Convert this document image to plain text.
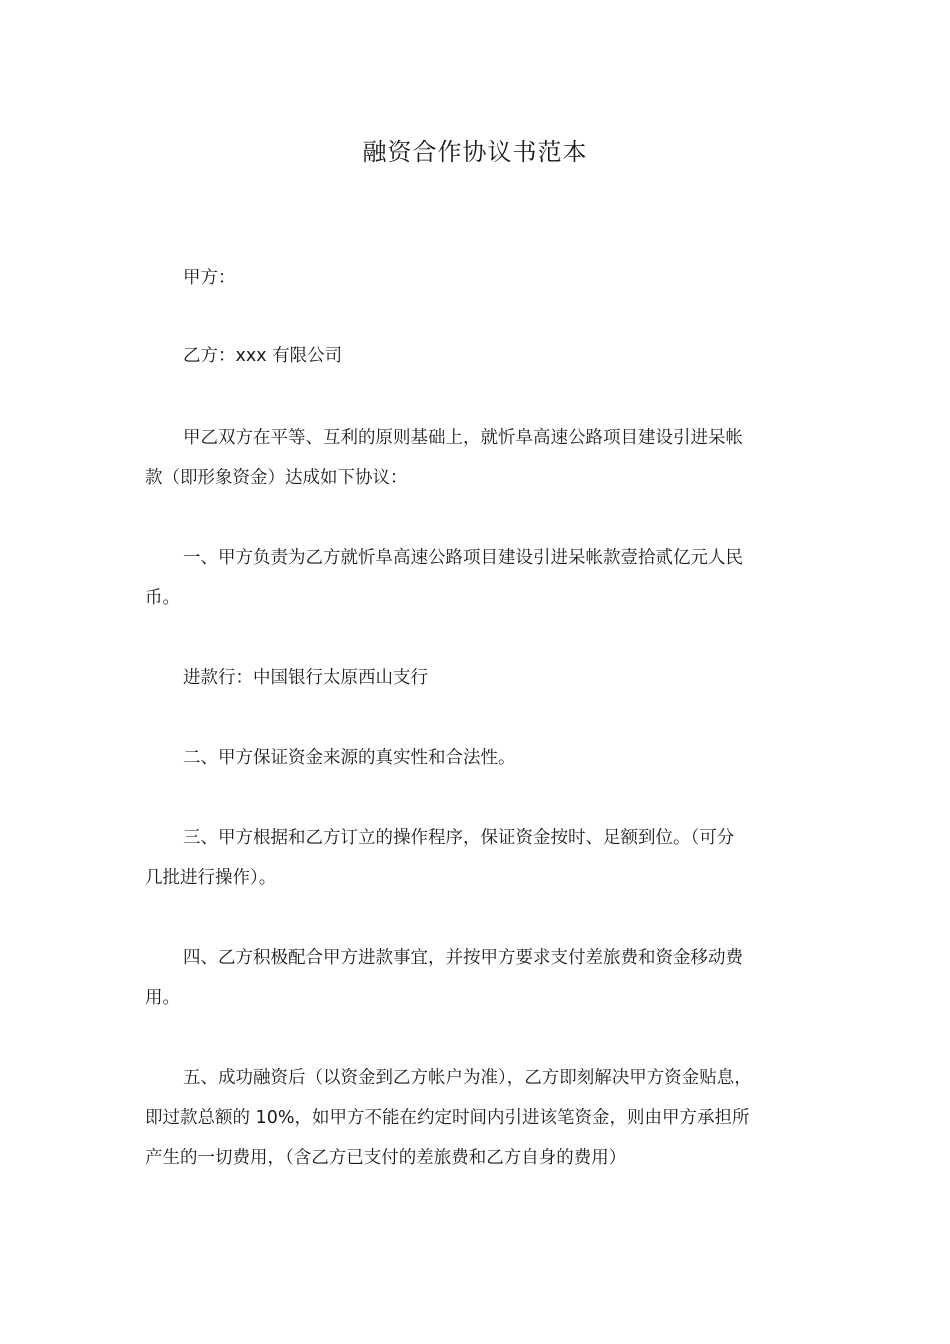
融资合作协议书范本
甲方：
乙方：xxx 有限公司
甲乙双方在平等、互利的原则基础上，就忻阜高速公路项目建设引进呆帐
款（即形象资金）达成如下协议：
一、甲方负责为乙方就忻阜高速公路项目建设引进呆帐款壹拾贰亿元人民
币。
进款行：中国银行太原西山支行
二、甲方保证资金来源的真实性和合法性。
三、甲方根据和乙方订立的操作程序，保证资金按时、足额到位。（可分
几批进行操作）。
四、乙方积极配合甲方进款事宜，并按甲方要求支付差旅费和资金移动费
用。
五、成功融资后（以资金到乙方帐户为准），乙方即刻解决甲方资金贴息，
即过款总额的 10%，如甲方不能在约定时间内引进该笔资金，则由甲方承担所
产生的一切费用，（含乙方已支付的差旅费和乙方自身的费用）
